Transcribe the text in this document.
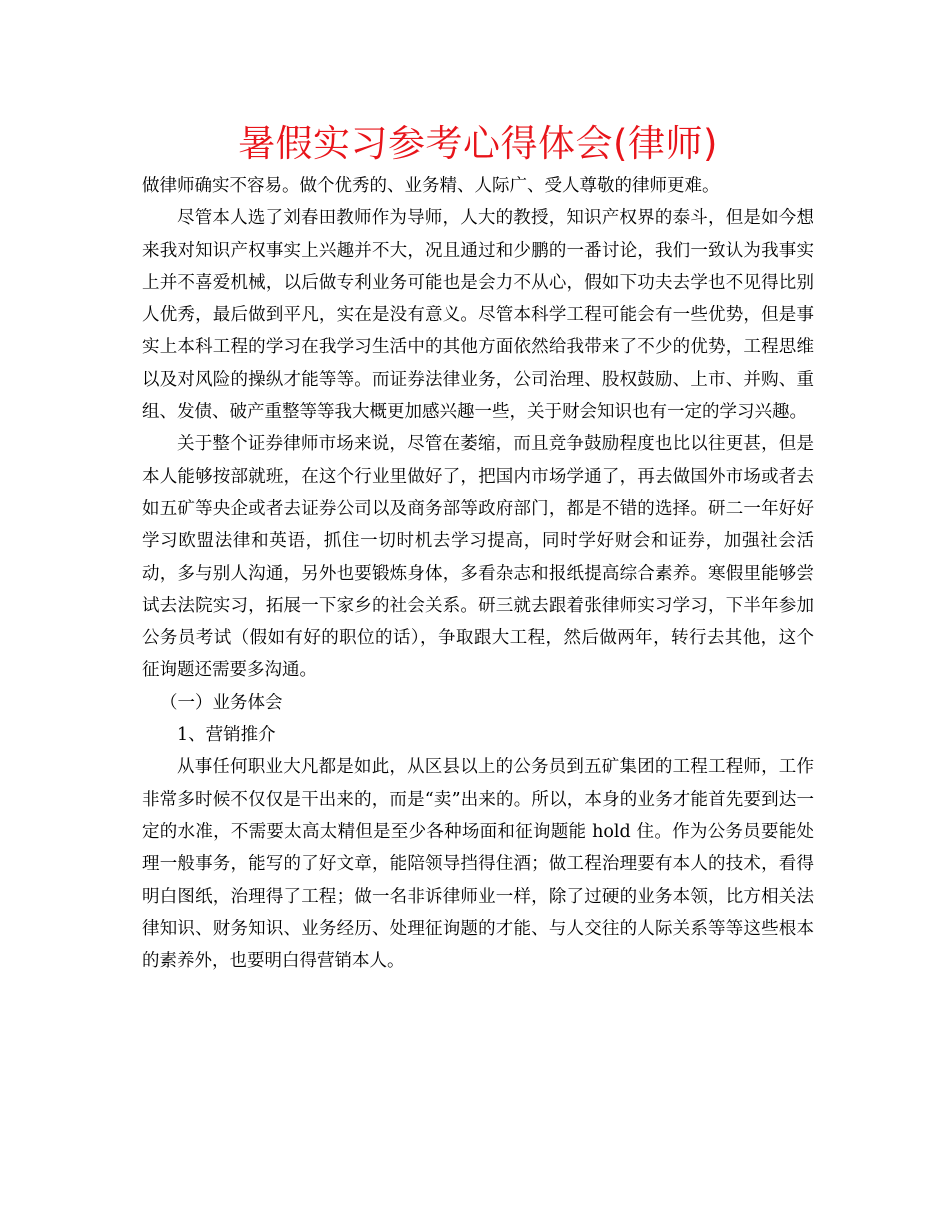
暑假实习参考心得体会(律师)

做律师确实不容易。做个优秀的、业务精、人际广、受人尊敬的律师更难。

尽管本人选了刘春田教师作为导师，人大的教授，知识产权界的泰斗，但是如今想来我对知识产权事实上兴趣并不大，况且通过和少鹏的一番讨论，我们一致认为我事实上并不喜爱机械，以后做专利业务可能也是会力不从心，假如下功夫去学也不见得比别人优秀，最后做到平凡，实在是没有意义。尽管本科学工程可能会有一些优势，但是事实上本科工程的学习在我学习生活中的其他方面依然给我带来了不少的优势，工程思维以及对风险的操纵才能等等。而证券法律业务，公司治理、股权鼓励、上市、并购、重组、发债、破产重整等等我大概更加感兴趣一些，关于财会知识也有一定的学习兴趣。

关于整个证券律师市场来说，尽管在萎缩，而且竞争鼓励程度也比以往更甚，但是本人能够按部就班，在这个行业里做好了，把国内市场学通了，再去做国外市场或者去如五矿等央企或者去证券公司以及商务部等政府部门，都是不错的选择。研二一年好好学习欧盟法律和英语，抓住一切时机去学习提高，同时学好财会和证券，加强社会活动，多与别人沟通，另外也要锻炼身体，多看杂志和报纸提高综合素养。寒假里能够尝试去法院实习，拓展一下家乡的社会关系。研三就去跟着张律师实习学习，下半年参加公务员考试（假如有好的职位的话），争取跟大工程，然后做两年，转行去其他，这个征询题还需要多沟通。

（一）业务体会

1、营销推介

从事任何职业大凡都是如此，从区县以上的公务员到五矿集团的工程工程师，工作非常多时候不仅仅是干出来的，而是“卖”出来的。所以，本身的业务才能首先要到达一定的水准，不需要太高太精但是至少各种场面和征询题能 hold 住。作为公务员要能处理一般事务，能写的了好文章，能陪领导挡得住酒；做工程治理要有本人的技术，看得明白图纸，治理得了工程；做一名非诉律师业一样，除了过硬的业务本领，比方相关法律知识、财务知识、业务经历、处理征询题的才能、与人交往的人际关系等等这些根本的素养外，也要明白得营销本人。
